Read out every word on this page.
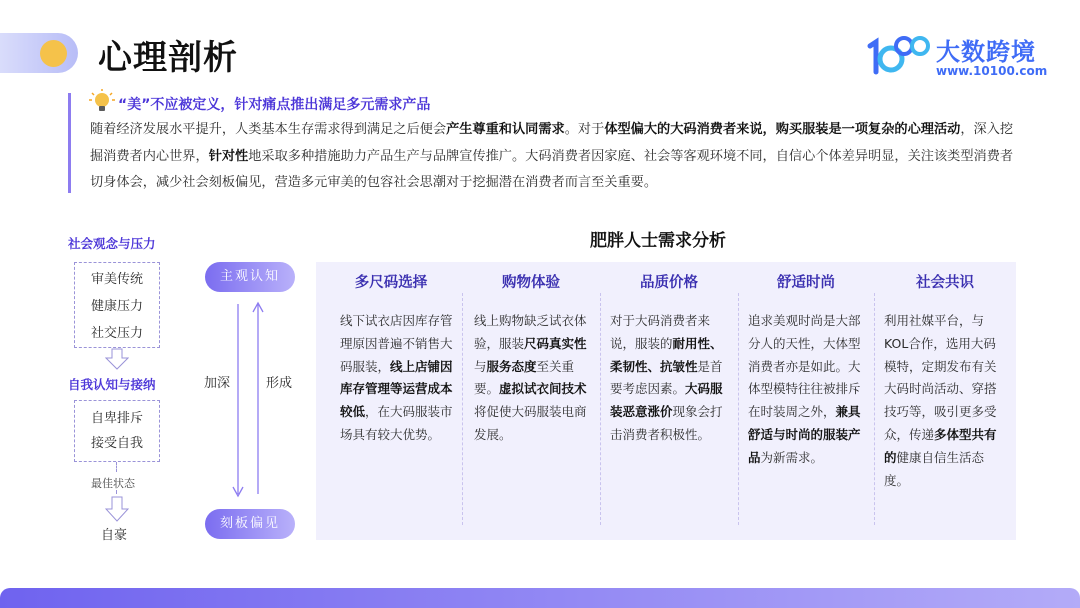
心理剖析	大数跨境
www.10100.com
“美”不应被定义，针对痛点推出满足多元需求产品
随着经济发展水平提升，人类基本生存需求得到满足之后便会产生尊重和认同需求。对于体型偏大的大码消费者来说，购买服装是一项复杂的心理活动，深入挖掘消费者内心世界，针对性地采取多种措施助力产品生产与品牌宣传推广。大码消费者因家庭、社会等客观环境不同，自信心个体差异明显，关注该类型消费者切身体会，减少社会刻板偏见，营造多元审美的包容社会思潮对于挖掘潜在消费者而言至关重要。
社会观念与压力
审美传统
健康压力
社交压力
自我认知与接纳
自卑排斥
接受自我
最佳状态
自豪
主观认知
刻板偏见
加深	形成
肥胖人士需求分析
多尺码选择
线下试衣店因库存管理原因普遍不销售大码服装，线上店铺因库存管理等运营成本较低，在大码服装市场具有较大优势。
购物体验
线上购物缺乏试衣体验，服装尺码真实性与服务态度至关重要。虚拟试衣间技术将促使大码服装电商发展。
品质价格
对于大码消费者来说，服装的耐用性、柔韧性、抗皱性是首要考虑因素。大码服装恶意涨价现象会打击消费者积极性。
舒适时尚
追求美观时尚是大部分人的天性，大体型消费者亦是如此。大体型模特往往被排斥在时装周之外，兼具舒适与时尚的服装产品为新需求。
社会共识
利用社媒平台，与KOL合作，选用大码模特，定期发布有关大码时尚活动、穿搭技巧等，吸引更多受众，传递多体型共有的健康自信生活态度。
